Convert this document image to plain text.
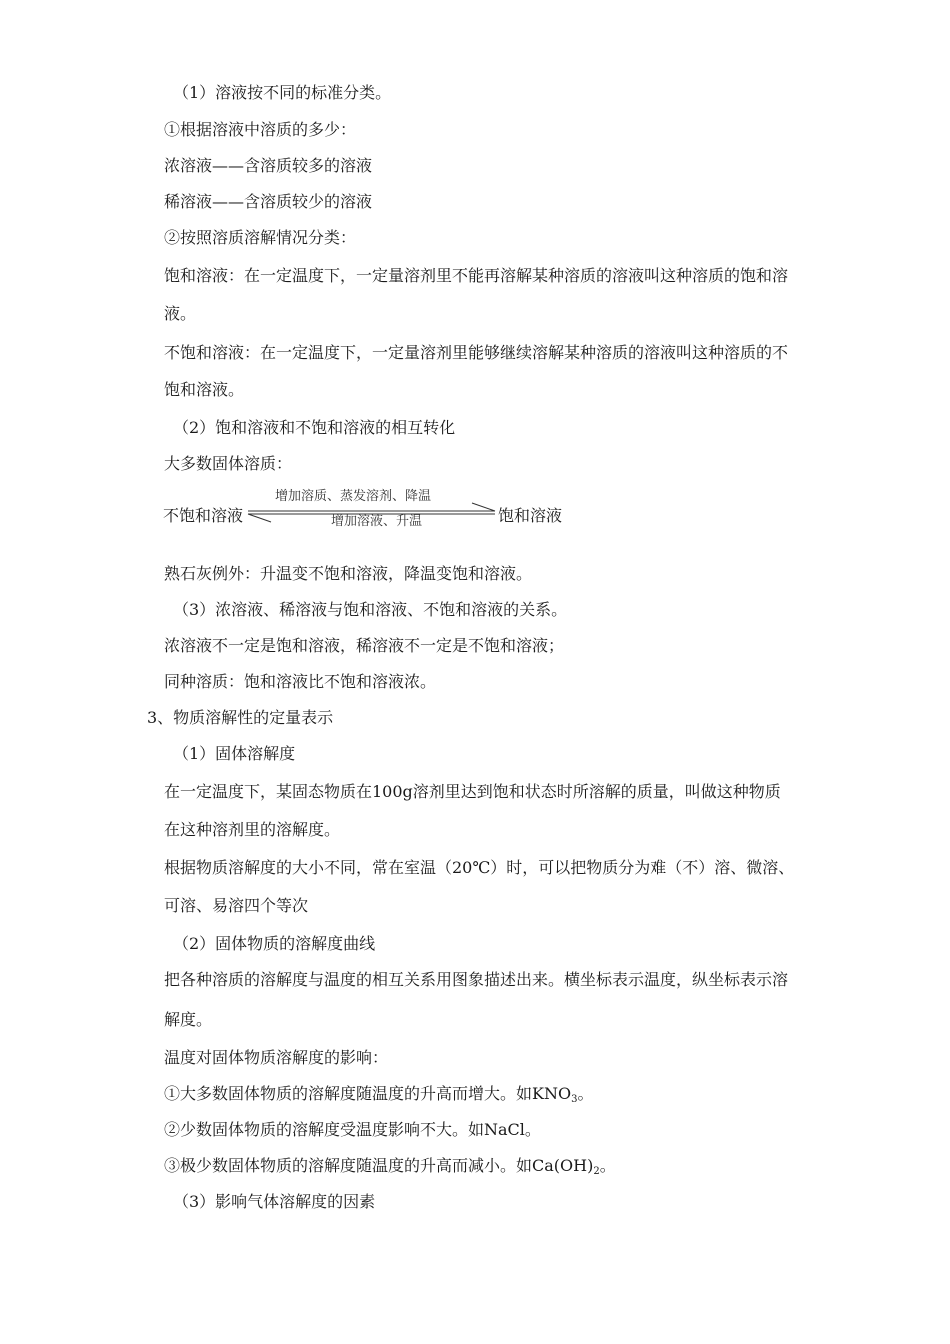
（1）溶液按不同的标准分类。
①根据溶液中溶质的多少：
浓溶液——含溶质较多的溶液
稀溶液——含溶质较少的溶液
②按照溶质溶解情况分类：
饱和溶液：在一定温度下，一定量溶剂里不能再溶解某种溶质的溶液叫这种溶质的饱和溶
液。
不饱和溶液：在一定温度下，一定量溶剂里能够继续溶解某种溶质的溶液叫这种溶质的不
饱和溶液。
（2）饱和溶液和不饱和溶液的相互转化
大多数固体溶质：
不饱和溶液
增加溶质、蒸发溶剂、降温
增加溶液、升温	饱和溶液
熟石灰例外：升温变不饱和溶液，降温变饱和溶液。
（3）浓溶液、稀溶液与饱和溶液、不饱和溶液的关系。
浓溶液不一定是饱和溶液，稀溶液不一定是不饱和溶液；
同种溶质：饱和溶液比不饱和溶液浓。
3、物质溶解性的定量表示
（1）固体溶解度
在一定温度下，某固态物质在100g溶剂里达到饱和状态时所溶解的质量，叫做这种物质
在这种溶剂里的溶解度。
根据物质溶解度的大小不同，常在室温（20℃）时，可以把物质分为难（不）溶、微溶、
可溶、易溶四个等次
（2）固体物质的溶解度曲线
把各种溶质的溶解度与温度的相互关系用图象描述出来。横坐标表示温度，纵坐标表示溶
解度。
温度对固体物质溶解度的影响：
①大多数固体物质的溶解度随温度的升高而增大。如$KNO_3$。
②少数固体物质的溶解度受温度影响不大。如NaCl。
③极少数固体物质的溶解度随温度的升高而减小。如$Ca(OH)_2$。
（3）影响气体溶解度的因素
